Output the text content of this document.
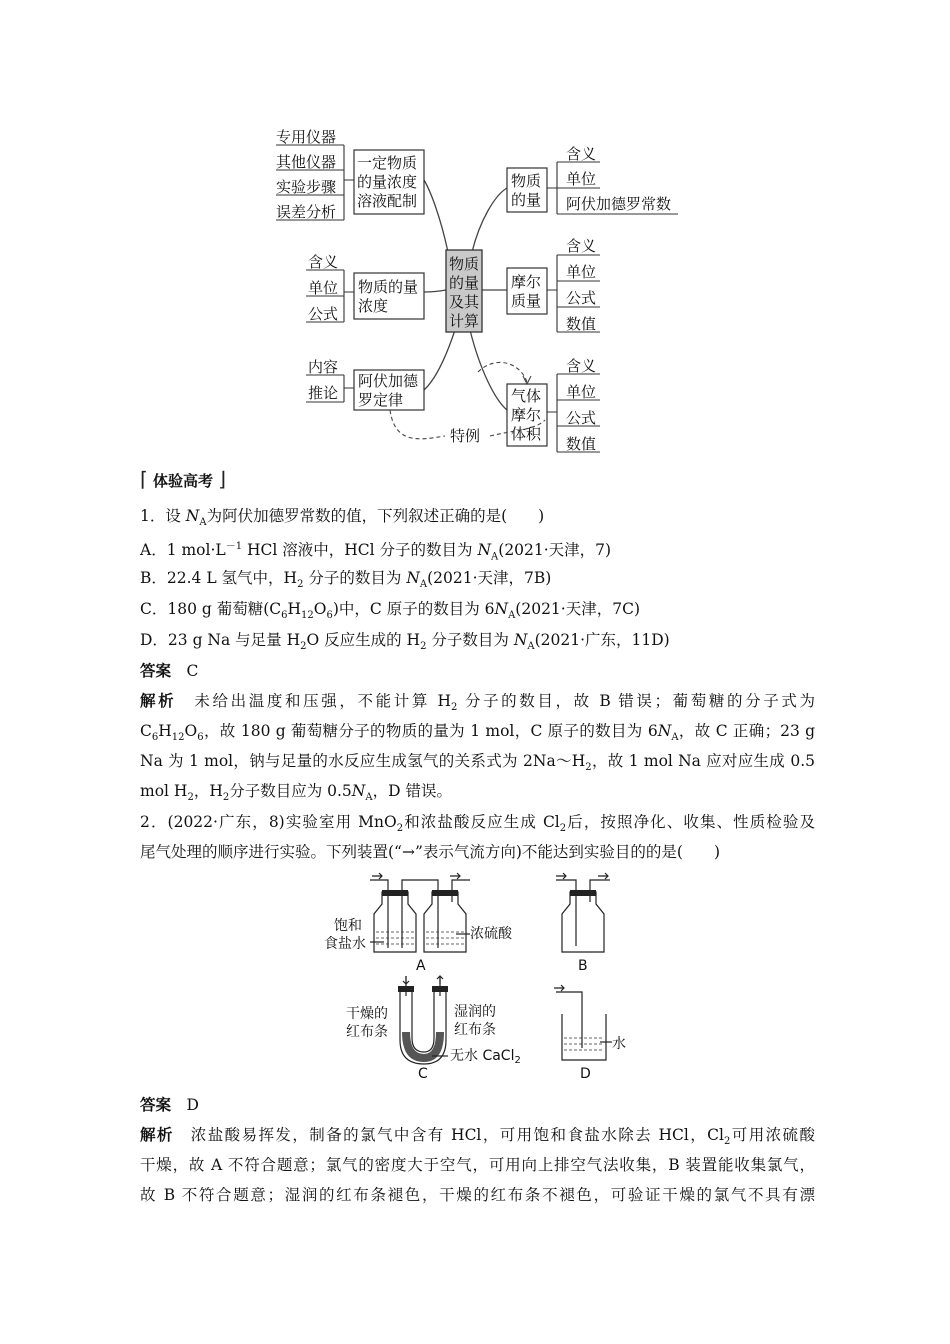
物质
的量
及其
计算
一定物质
的量浓度
溶液配制
专用仪器
其他仪器
实验步骤
误差分析
物质的量
浓度
含义
单位
公式
阿伏加德
罗定律
内容
推论
物质
的量
含义
单位
阿伏加德罗常数
摩尔
质量
含义
单位
公式
数值
气体
摩尔
体积
含义
单位
公式
数值
特例
⌈ 体验高考 ⌋
1．设 $N_A$为阿伏加德罗常数的值，下列叙述正确的是(　　)
A．1 $mol\cdot L^{-1}$ HCl 溶液中，HCl 分子的数目为 $N_A(2021\cdot$天津，7)
B．22.4 L 氢气中，$H_2$ 分子的数目为 $N_A(2021\cdot$天津，7B)
C．180 g 葡萄糖$(C_6H_{12}O_6)$中，C 原子的数目为 $6N_A(2021\cdot$天津，7C)
D．23 g Na 与足量 $H_2O$ 反应生成的 $H_2$ 分子数目为 $N_A(2021\cdot$广东，11D)
答案　 C
解析　 未给出温度和压强，不能计算 $H_2$ 分子的数目，故 B 错误；葡萄糖的分子式为
$C_6H_{12}O_6$，故 180 g 葡萄糖分子的物质的量为 1 mol，C 原子的数目为 $6N_A$，故 C 正确；23 g
Na 为 1 mol，钠与足量的水反应生成氢气的关系式为 $2Na\sim H_2$，故 1 mol Na 应对应生成 0.5
mol $H_2$，$H_2$分子数目应为 $0.5N_A$，D 错误。
2．(2022·广东，8)实验室用 MnO$_2$和浓盐酸反应生成 $Cl_2$后，按照净化、收集、性质检验及
尾气处理的顺序进行实验。下列装置(“→”表示气流方向)不能达到实验目的的是(　　)
饱和
食盐水
浓硫酸
A	B
干燥的
红布条
湿润的
红布条
无水 CaCl$_2$
C
水
D
答案　 D
解析　 浓盐酸易挥发，制备的氯气中含有 HCl，可用饱和食盐水除去 HCl，$Cl_2$可用浓硫酸
干燥，故 A 不符合题意；氯气的密度大于空气，可用向上排空气法收集，B 装置能收集氯气，
故 B 不符合题意；湿润的红布条褪色，干燥的红布条不褪色，可验证干燥的氯气不具有漂
